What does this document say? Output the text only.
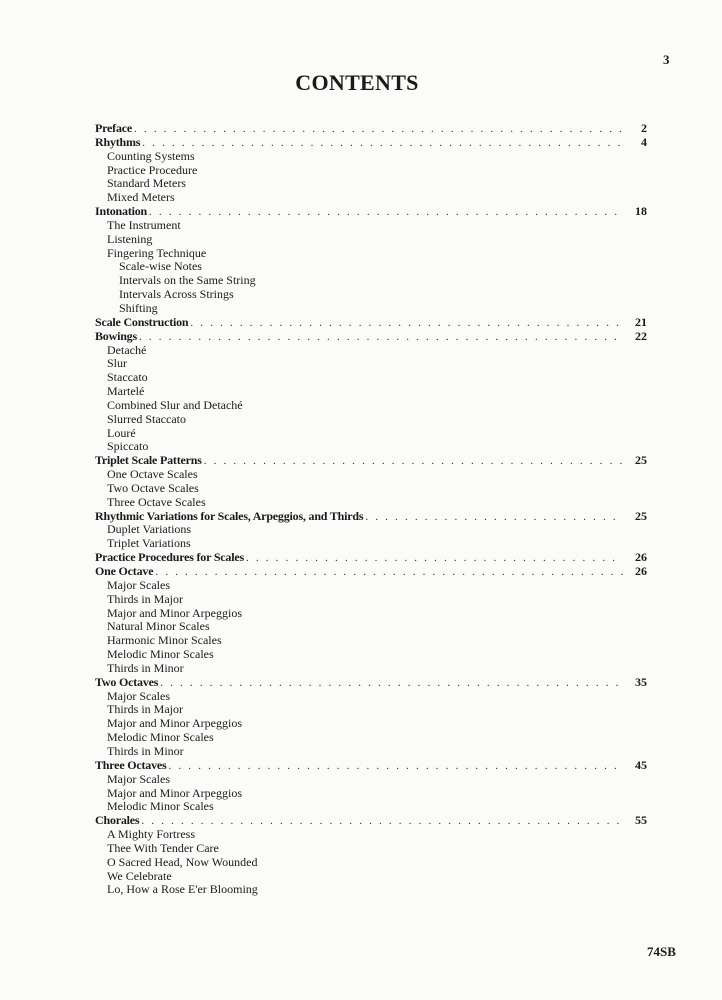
3
CONTENTS
Preface . . .	2
Rhythms . . .	4
Counting Systems
Practice Procedure
Standard Meters
Mixed Meters
Intonation . . .	18
The Instrument
Listening
Fingering Technique
Scale-wise Notes
Intervals on the Same String
Intervals Across Strings
Shifting
Scale Construction . . .	21
Bowings . . .	22
Detaché
Slur
Staccato
Martelé
Combined Slur and Detaché
Slurred Staccato
Louré
Spiccato
Triplet Scale Patterns . . .	25
One Octave Scales
Two Octave Scales
Three Octave Scales
Rhythmic Variations for Scales, Arpeggios, and Thirds . . .	25
Duplet Variations
Triplet Variations
Practice Procedures for Scales . . .	26
One Octave . . .	26
Major Scales
Thirds in Major
Major and Minor Arpeggios
Natural Minor Scales
Harmonic Minor Scales
Melodic Minor Scales
Thirds in Minor
Two Octaves . . .	35
Major Scales
Thirds in Major
Major and Minor Arpeggios
Melodic Minor Scales
Thirds in Minor
Three Octaves . . .	45
Major Scales
Major and Minor Arpeggios
Melodic Minor Scales
Chorales . . .	55
A Mighty Fortress
Thee With Tender Care
O Sacred Head, Now Wounded
We Celebrate
Lo, How a Rose E'er Blooming
74SB
